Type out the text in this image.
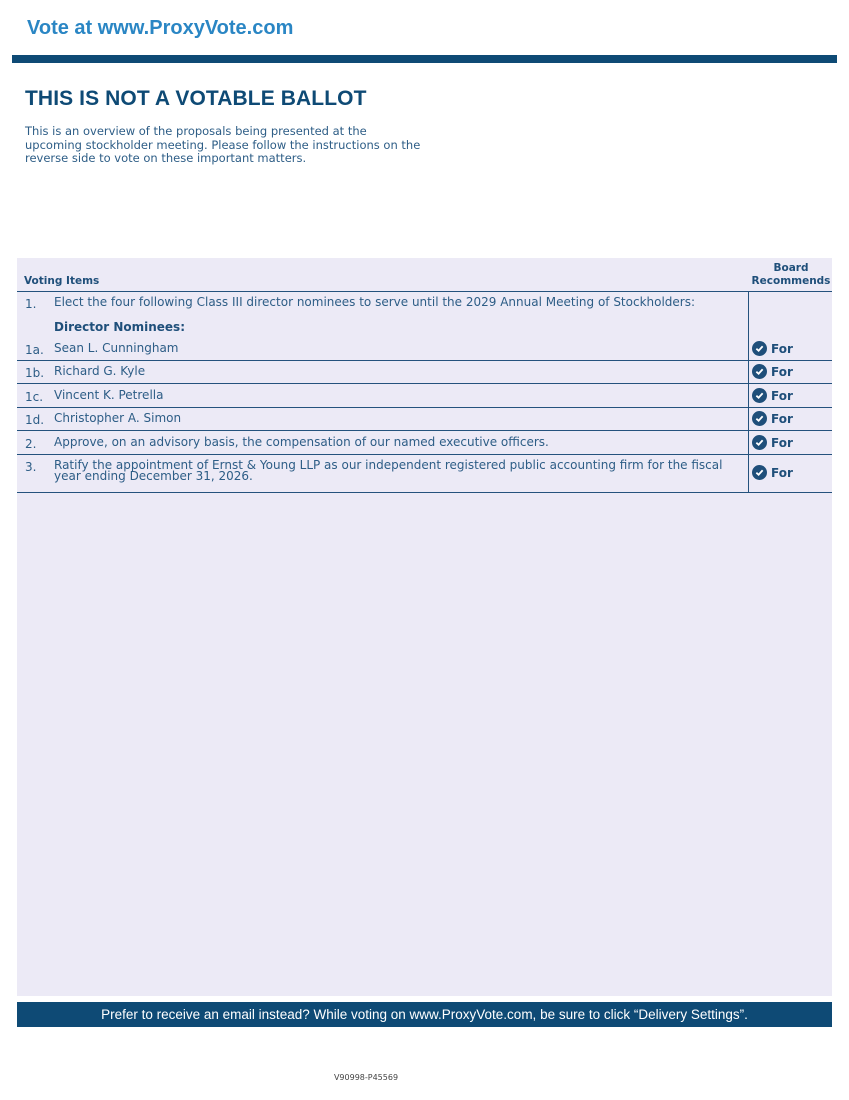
Vote at www.ProxyVote.com
THIS IS NOT A VOTABLE BALLOT
This is an overview of the proposals being presented at the upcoming stockholder meeting. Please follow the instructions on the reverse side to vote on these important matters.
Voting Items
Board
Recommends
1. Elect the four following Class III director nominees to serve until the 2029 Annual Meeting of Stockholders:
Director Nominees:
1a. Sean L. Cunningham	For
1b. Richard G. Kyle	For
1c. Vincent K. Petrella	For
1d. Christopher A. Simon	For
2. Approve, on an advisory basis, the compensation of our named executive officers.	For
3. Ratify the appointment of Ernst & Young LLP as our independent registered public accounting firm for the fiscal year ending December 31, 2026.	For
Prefer to receive an email instead? While voting on www.ProxyVote.com, be sure to click “Delivery Settings”.
V90998-P45569
